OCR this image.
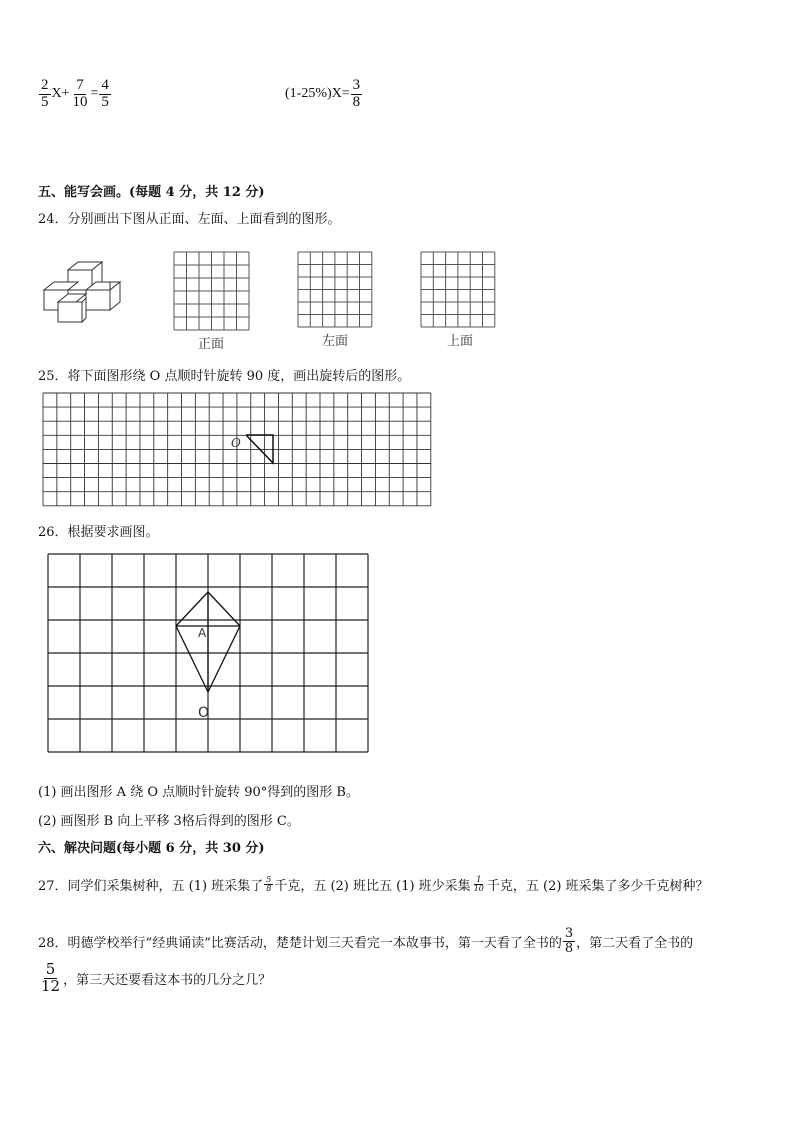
$\frac{2}{5} X+ \frac{7}{10} = \frac{4}{5}$	$(1-25\%)X= \frac{3}{8}$
五、能写会画。(每题 4 分，共 12 分)
24．分别画出下图从正面、左面、上面看到的图形。
正面	左面	上面
25．将下面图形绕 O 点顺时针旋转 90 度，画出旋转后的图形。
O
26．根据要求画图。
A
O
(1) 画出图形 A 绕 O 点顺时针旋转 90°得到的图形 B。
(2) 画图形 B 向上平移 3格后得到的图形 C。
六、解决问题(每小题 6 分，共 30 分)
27．同学们采集树种，五 (1) 班采集了 $\frac{5}{8}$ 千克，五 (2) 班比五 (1) 班少采集 $\frac{1}{10}$ 千克，五 (2) 班采集了多少千克树种？
28．明德学校举行“经典诵读”比赛活动，楚楚计划三天看完一本故事书，第一天看了全书的 $\frac{3}{8}$ ，第二天看了全书的
$\frac{5}{12}$ ，第三天还要看这本书的几分之几？
